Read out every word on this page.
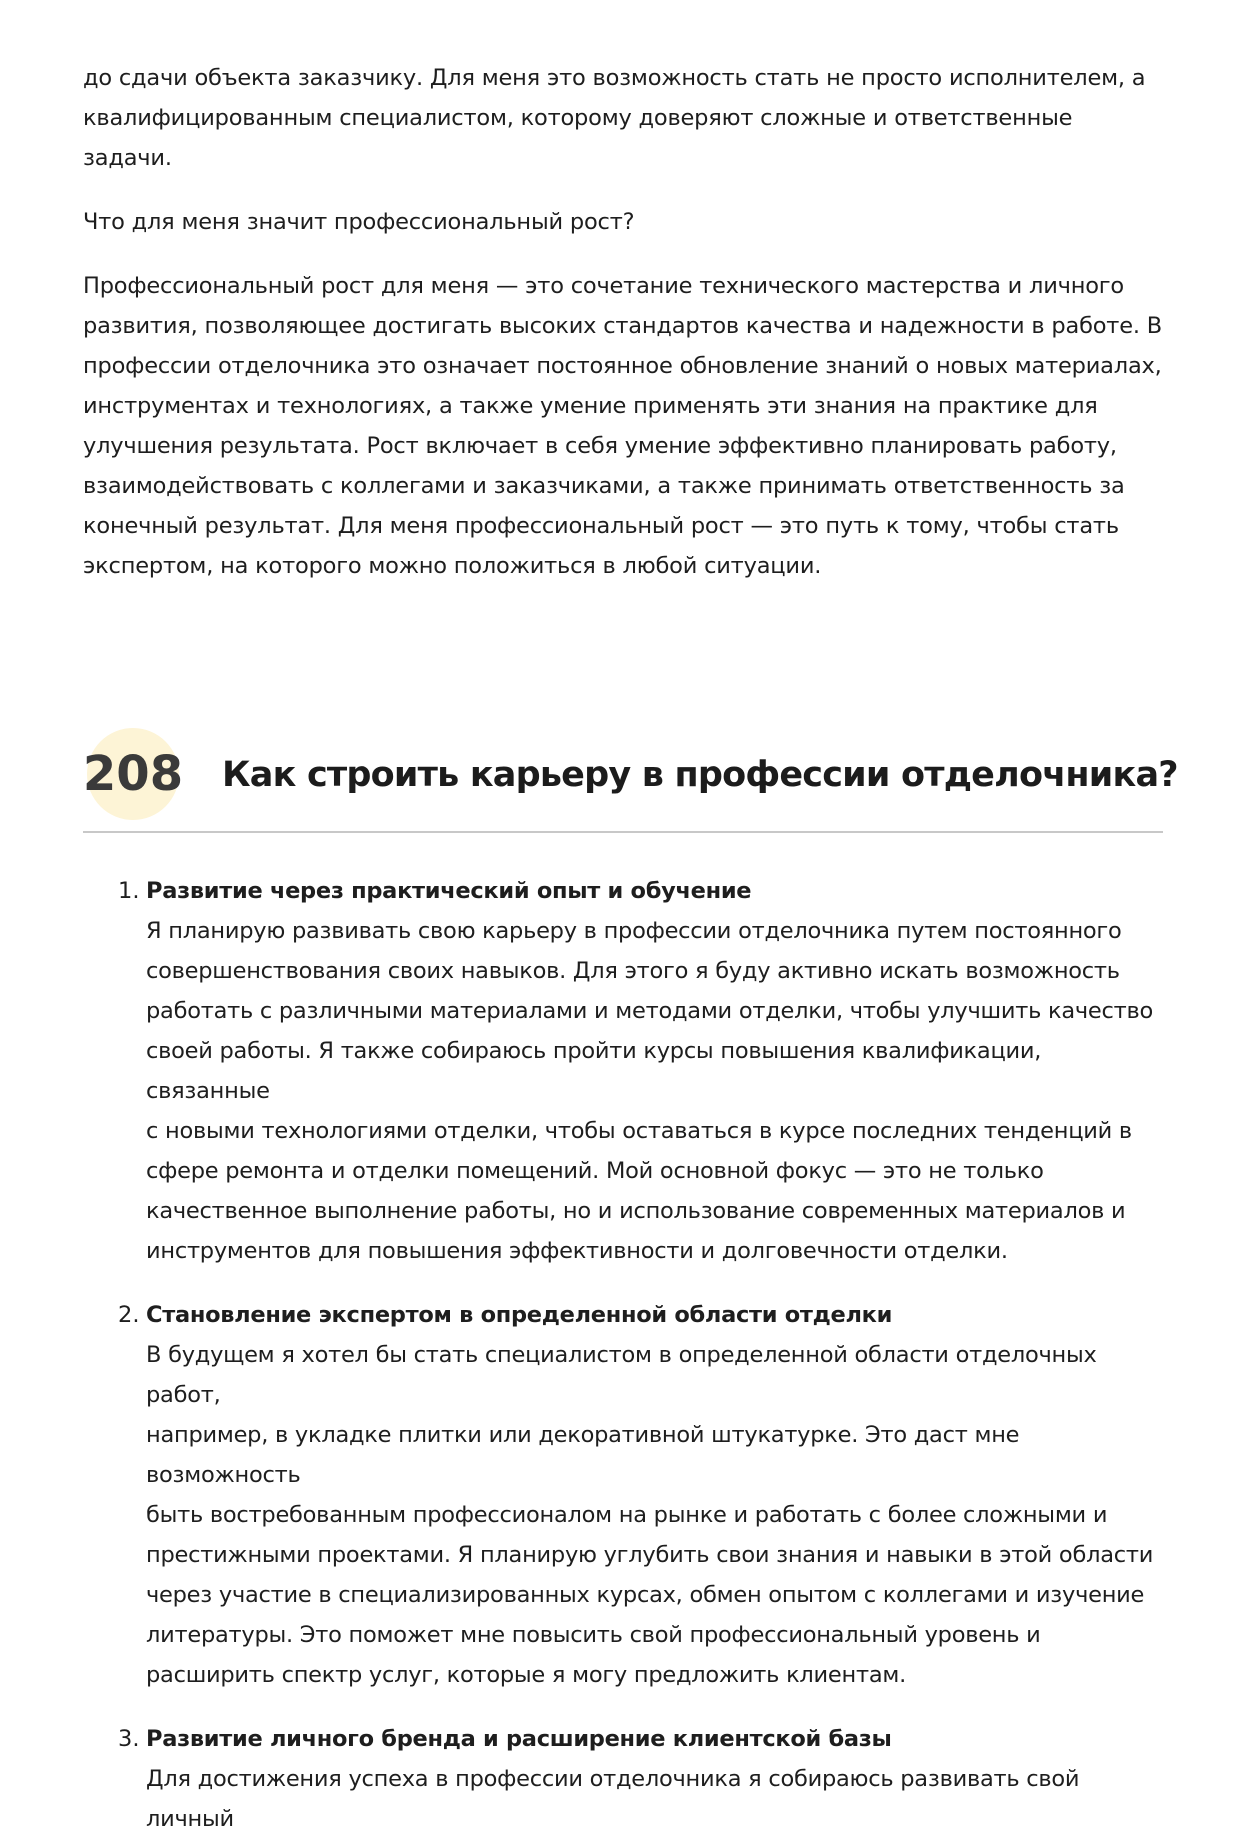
до сдачи объекта заказчику. Для меня это возможность стать не просто исполнителем, а
квалифицированным специалистом, которому доверяют сложные и ответственные задачи.

Что для меня значит профессиональный рост?

Профессиональный рост для меня — это сочетание технического мастерства и личного
развития, позволяющее достигать высоких стандартов качества и надежности в работе. В
профессии отделочника это означает постоянное обновление знаний о новых материалах,
инструментах и технологиях, а также умение применять эти знания на практике для
улучшения результата. Рост включает в себя умение эффективно планировать работу,
взаимодействовать с коллегами и заказчиками, а также принимать ответственность за
конечный результат. Для меня профессиональный рост — это путь к тому, чтобы стать
экспертом, на которого можно положиться в любой ситуации.

208 Как строить карьеру в профессии отделочника?
1. Развитие через практический опыт и обучение

Я планирую развивать свою карьеру в профессии отделочника путем постоянного
совершенствования своих навыков. Для этого я буду активно искать возможность
работать с различными материалами и методами отделки, чтобы улучшить качество
своей работы. Я также собираюсь пройти курсы повышения квалификации, связанные
с новыми технологиями отделки, чтобы оставаться в курсе последних тенденций в
сфере ремонта и отделки помещений. Мой основной фокус — это не только
качественное выполнение работы, но и использование современных материалов и
инструментов для повышения эффективности и долговечности отделки.

2. Становление экспертом в определенной области отделки

В будущем я хотел бы стать специалистом в определенной области отделочных работ,
например, в укладке плитки или декоративной штукатурке. Это даст мне возможность
быть востребованным профессионалом на рынке и работать с более сложными и
престижными проектами. Я планирую углубить свои знания и навыки в этой области
через участие в специализированных курсах, обмен опытом с коллегами и изучение
литературы. Это поможет мне повысить свой профессиональный уровень и
расширить спектр услуг, которые я могу предложить клиентам.

3. Развитие личного бренда и расширение клиентской базы

Для достижения успеха в профессии отделочника я собираюсь развивать свой личный
